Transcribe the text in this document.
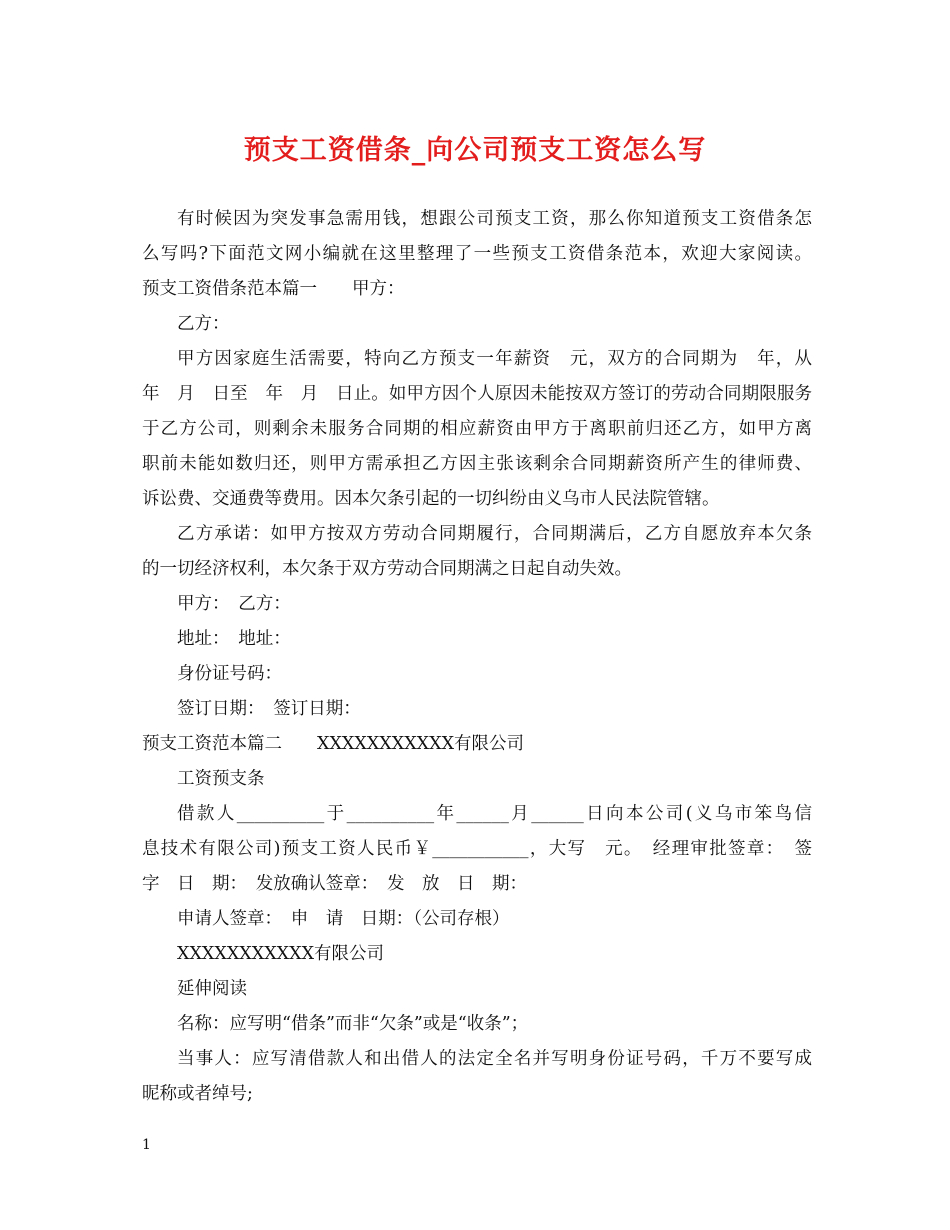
预支工资借条_向公司预支工资怎么写
有时候因为突发事急需用钱，想跟公司预支工资，那么你知道预支工资借条怎
么写吗?下面范文网小编就在这里整理了一些预支工资借条范本，欢迎大家阅读。
预支工资借条范本篇一　　甲方：
乙方：
甲方因家庭生活需要，特向乙方预支一年薪资　元，双方的合同期为　年，从
年　月　日至　年　月　日止。如甲方因个人原因未能按双方签订的劳动合同期限服务
于乙方公司，则剩余未服务合同期的相应薪资由甲方于离职前归还乙方，如甲方离
职前未能如数归还，则甲方需承担乙方因主张该剩余合同期薪资所产生的律师费、
诉讼费、交通费等费用。因本欠条引起的一切纠纷由义乌市人民法院管辖。
乙方承诺：如甲方按双方劳动合同期履行，合同期满后，乙方自愿放弃本欠条
的一切经济权利，本欠条于双方劳动合同期满之日起自动失效。
甲方：　乙方：
地址：　地址：
身份证号码：
签订日期：　签订日期：
预支工资范本篇二　　XXXXXXXXXXX有限公司
工资预支条
借款人__________于__________年______月______日向本公司(义乌市笨鸟信
息技术有限公司)预支工资人民币￥___________，大写　元。　经理审批签章：　签
字　日　期：　发放确认签章：　发　放　日　期：
申请人签章：　申　请　日期：（公司存根）
XXXXXXXXXXX有限公司
延伸阅读
名称：应写明“借条”而非“欠条”或是“收条”；
当事人：应写清借款人和出借人的法定全名并写明身份证号码，千万不要写成
昵称或者绰号;
1
